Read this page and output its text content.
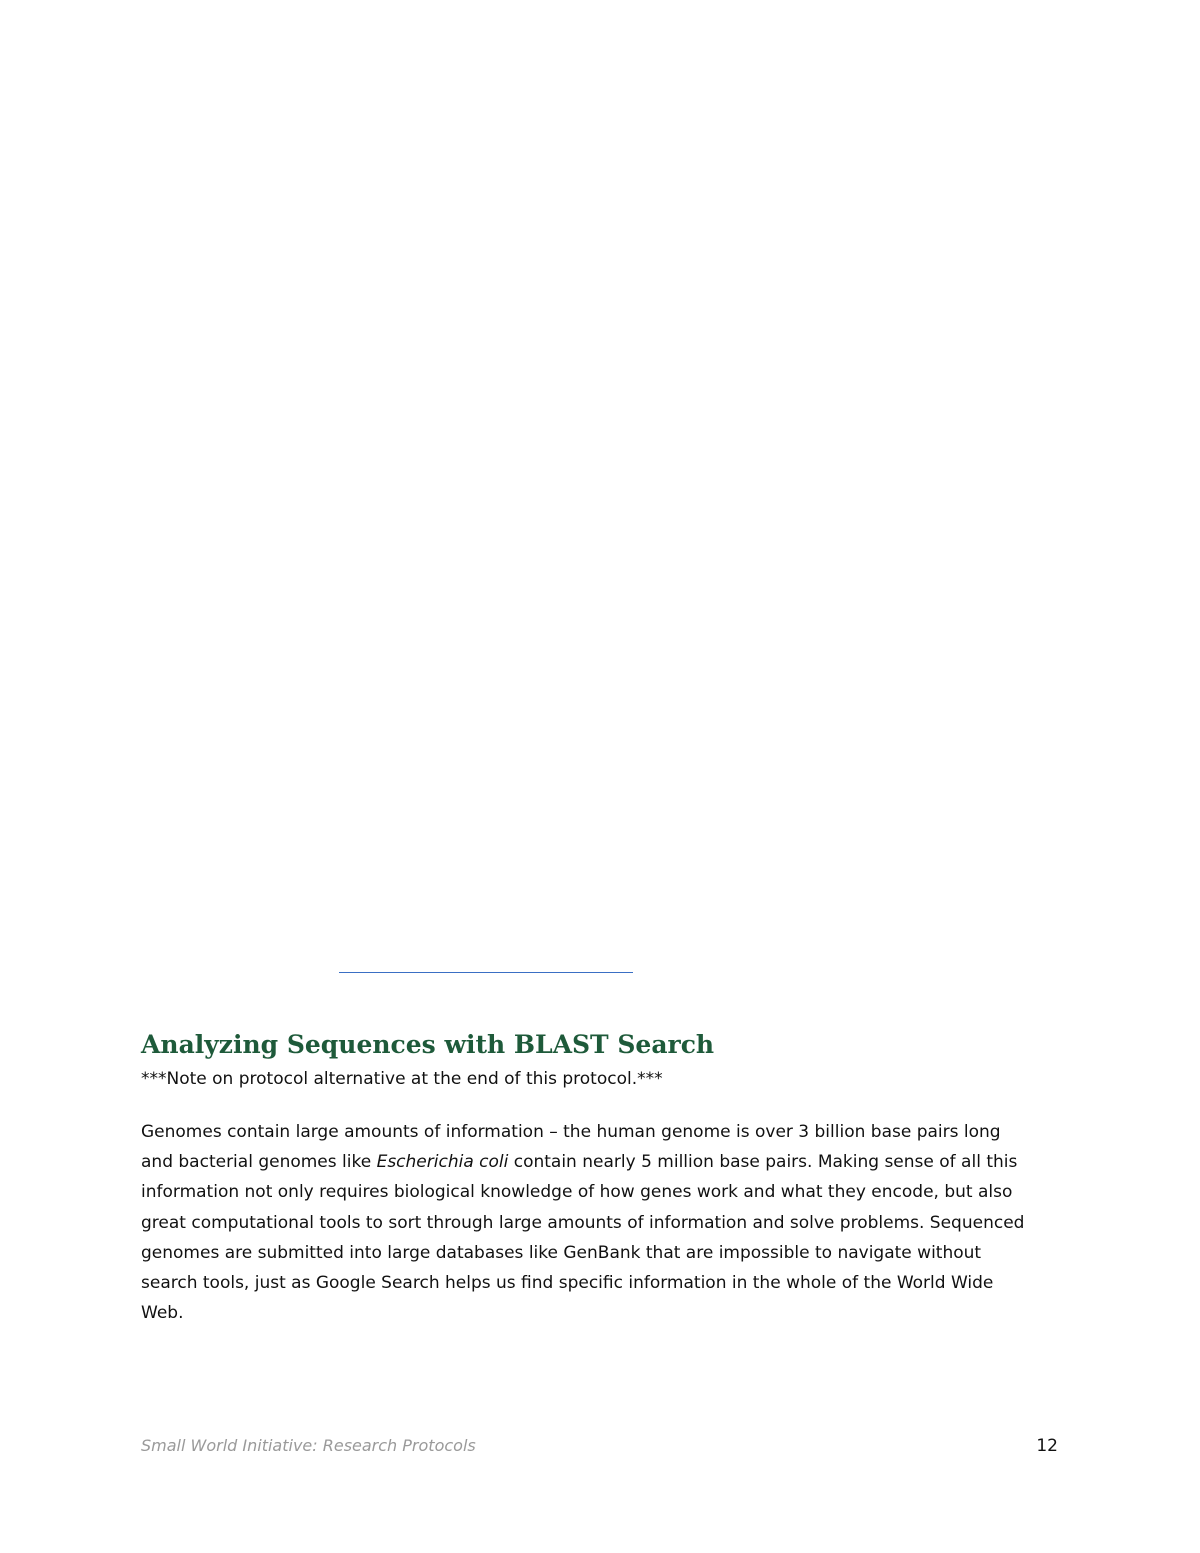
Analyzing Sequences with BLAST Search

***Note on protocol alternative at the end of this protocol.***

Genomes contain large amounts of information – the human genome is over 3 billion base pairs long
and bacterial genomes like Escherichia coli contain nearly 5 million base pairs. Making sense of all this
information not only requires biological knowledge of how genes work and what they encode, but also
great computational tools to sort through large amounts of information and solve problems. Sequenced
genomes are submitted into large databases like GenBank that are impossible to navigate without
search tools, just as Google Search helps us find specific information in the whole of the World Wide
Web.

Small World Initiative: Research Protocols	12
